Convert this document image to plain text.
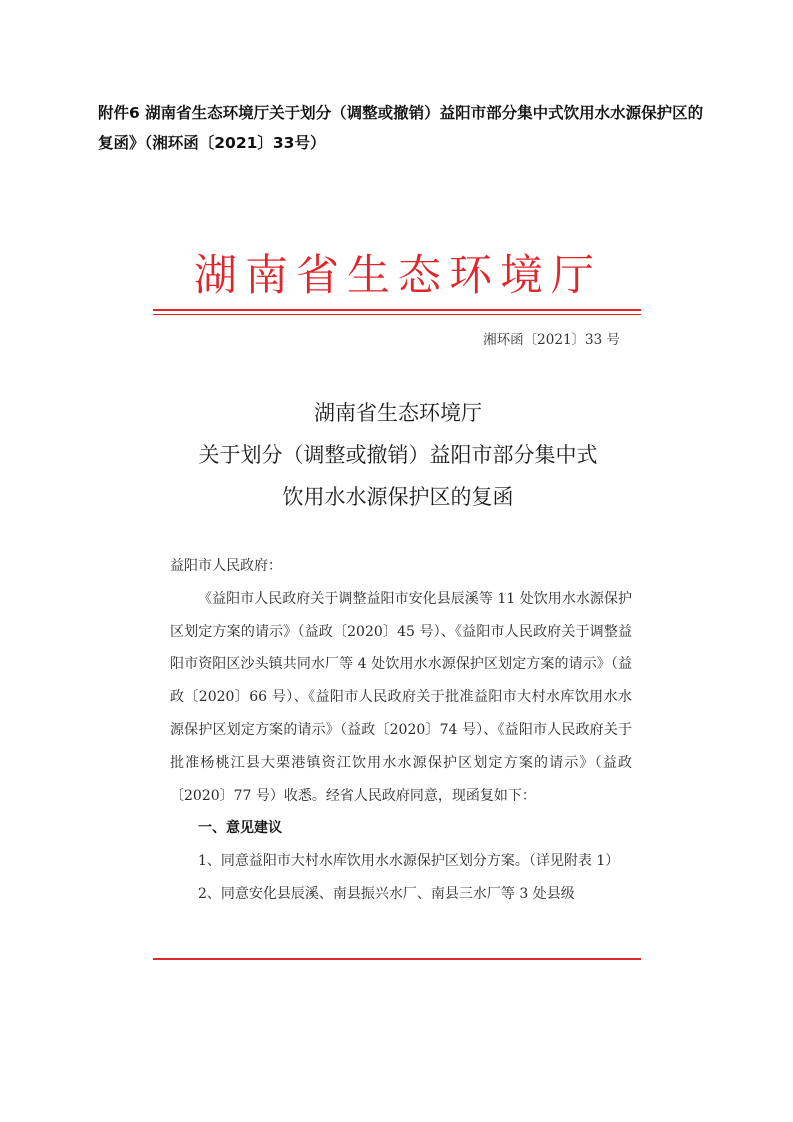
附件6 湖南省生态环境厅关于划分（调整或撤销）益阳市部分集中式饮用水水源保护区的复函》（湘环函〔2021〕33号）
湖南省生态环境厅
湘环函〔2021〕33 号
湖南省生态环境厅
关于划分（调整或撤销）益阳市部分集中式
饮用水水源保护区的复函

益阳市人民政府：

《益阳市人民政府关于调整益阳市安化县辰溪等 11 处饮用水水源保护区划定方案的请示》（益政〔2020〕45 号）、《益阳市人民政府关于调整益阳市资阳区沙头镇共同水厂等 4 处饮用水水源保护区划定方案的请示》（益政〔2020〕66 号）、《益阳市人民政府关于批准益阳市大村水库饮用水水源保护区划定方案的请示》（益政〔2020〕74 号）、《益阳市人民政府关于批准杨桃江县大栗港镇资江饮用水水源保护区划定方案的请示》（益政〔2020〕77 号）收悉。经省人民政府同意，现函复如下：

一、意见建议

1、同意益阳市大村水库饮用水水源保护区划分方案。（详见附表 1）

2、同意安化县辰溪、南县振兴水厂、南县三水厂等 3 处县级
